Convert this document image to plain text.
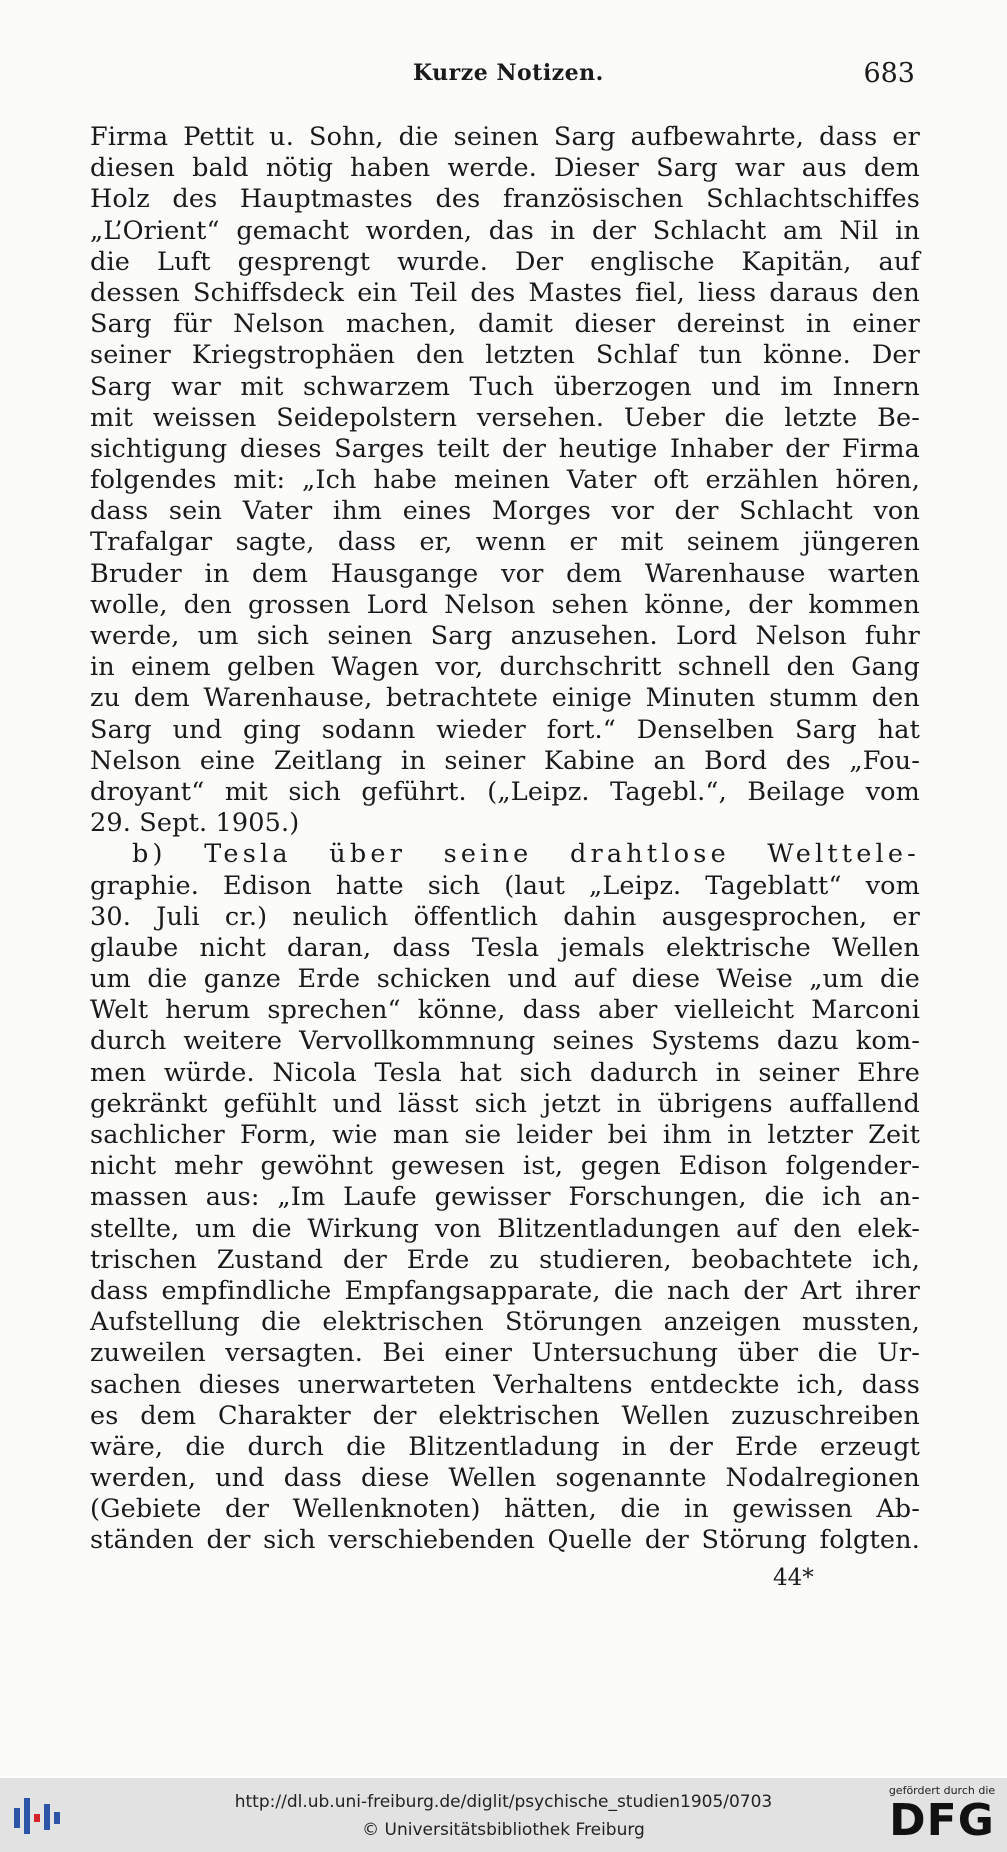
Kurze Notizen.	683
Firma Pettit u. Sohn, die seinen Sarg aufbewahrte, dass er
diesen bald nötig haben werde. Dieser Sarg war aus dem
Holz des Hauptmastes des französischen Schlachtschiffes
„L’Orient“ gemacht worden, das in der Schlacht am Nil in
die Luft gesprengt wurde. Der englische Kapitän, auf
dessen Schiffsdeck ein Teil des Mastes fiel, liess daraus den
Sarg für Nelson machen, damit dieser dereinst in einer
seiner Kriegstrophäen den letzten Schlaf tun könne. Der
Sarg war mit schwarzem Tuch überzogen und im Innern
mit weissen Seidepolstern versehen. Ueber die letzte Be-
sichtigung dieses Sarges teilt der heutige Inhaber der Firma
folgendes mit: „Ich habe meinen Vater oft erzählen hören,
dass sein Vater ihm eines Morges vor der Schlacht von
Trafalgar sagte, dass er, wenn er mit seinem jüngeren
Bruder in dem Hausgange vor dem Warenhause warten
wolle, den grossen Lord Nelson sehen könne, der kommen
werde, um sich seinen Sarg anzusehen. Lord Nelson fuhr
in einem gelben Wagen vor, durchschritt schnell den Gang
zu dem Warenhause, betrachtete einige Minuten stumm den
Sarg und ging sodann wieder fort.“ Denselben Sarg hat
Nelson eine Zeitlang in seiner Kabine an Bord des „Fou-
droyant“ mit sich geführt. („Leipz. Tagebl.“, Beilage vom
29. Sept. 1905.)
b) Tesla über seine drahtlose Welttele-
graphie. Edison hatte sich (laut „Leipz. Tageblatt“ vom
30. Juli cr.) neulich öffentlich dahin ausgesprochen, er
glaube nicht daran, dass Tesla jemals elektrische Wellen
um die ganze Erde schicken und auf diese Weise „um die
Welt herum sprechen“ könne, dass aber vielleicht Marconi
durch weitere Vervollkommnung seines Systems dazu kom-
men würde. Nicola Tesla hat sich dadurch in seiner Ehre
gekränkt gefühlt und lässt sich jetzt in übrigens auffallend
sachlicher Form, wie man sie leider bei ihm in letzter Zeit
nicht mehr gewöhnt gewesen ist, gegen Edison folgender-
massen aus: „Im Laufe gewisser Forschungen, die ich an-
stellte, um die Wirkung von Blitzentladungen auf den elek-
trischen Zustand der Erde zu studieren, beobachtete ich,
dass empfindliche Empfangsapparate, die nach der Art ihrer
Aufstellung die elektrischen Störungen anzeigen mussten,
zuweilen versagten. Bei einer Untersuchung über die Ur-
sachen dieses unerwarteten Verhaltens entdeckte ich, dass
es dem Charakter der elektrischen Wellen zuzuschreiben
wäre, die durch die Blitzentladung in der Erde erzeugt
werden, und dass diese Wellen sogenannte Nodalregionen
(Gebiete der Wellenknoten) hätten, die in gewissen Ab-
ständen der sich verschiebenden Quelle der Störung folgten.
44*
http://dl.ub.uni-freiburg.de/diglit/psychische_studien1905/0703
© Universitätsbibliothek Freiburg
gefördert durch die
DFG
